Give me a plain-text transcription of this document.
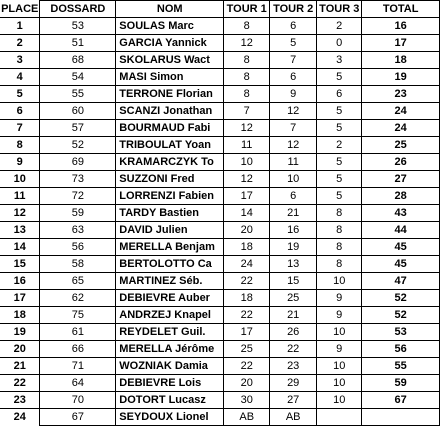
PLACE	DOSSARD	NOM	TOUR 1	TOUR 2	TOUR 3	TOTAL
1	53	SOULAS Marc	8	6	2	16
2	51	GARCIA Yannick	12	5	0	17
3	68	SKOLARUS Wact	8	7	3	18
4	54	MASI Simon	8	6	5	19
5	55	TERRONE Florian	8	9	6	23
6	60	SCANZI Jonathan	7	12	5	24
7	57	BOURMAUD Fabi	12	7	5	24
8	52	TRIBOULAT Yoan	11	12	2	25
9	69	KRAMARCZYK To	10	11	5	26
10	73	SUZZONI Fred	12	10	5	27
11	72	LORRENZI Fabien	17	6	5	28
12	59	TARDY Bastien	14	21	8	43
13	63	DAVID Julien	20	16	8	44
14	56	MERELLA Benjam	18	19	8	45
15	58	BERTOLOTTO Ca	24	13	8	45
16	65	MARTINEZ Séb.	22	15	10	47
17	62	DEBIEVRE Auber	18	25	9	52
18	75	ANDRZEJ Knapel	22	21	9	52
19	61	REYDELET Guil.	17	26	10	53
20	66	MERELLA Jérôme	25	22	9	56
21	71	WOZNIAK Damia	22	23	10	55
22	64	DEBIEVRE Lois	20	29	10	59
23	70	DOTORT Lucasz	30	27	10	67
24	67	SEYDOUX Lionel	AB	AB		
